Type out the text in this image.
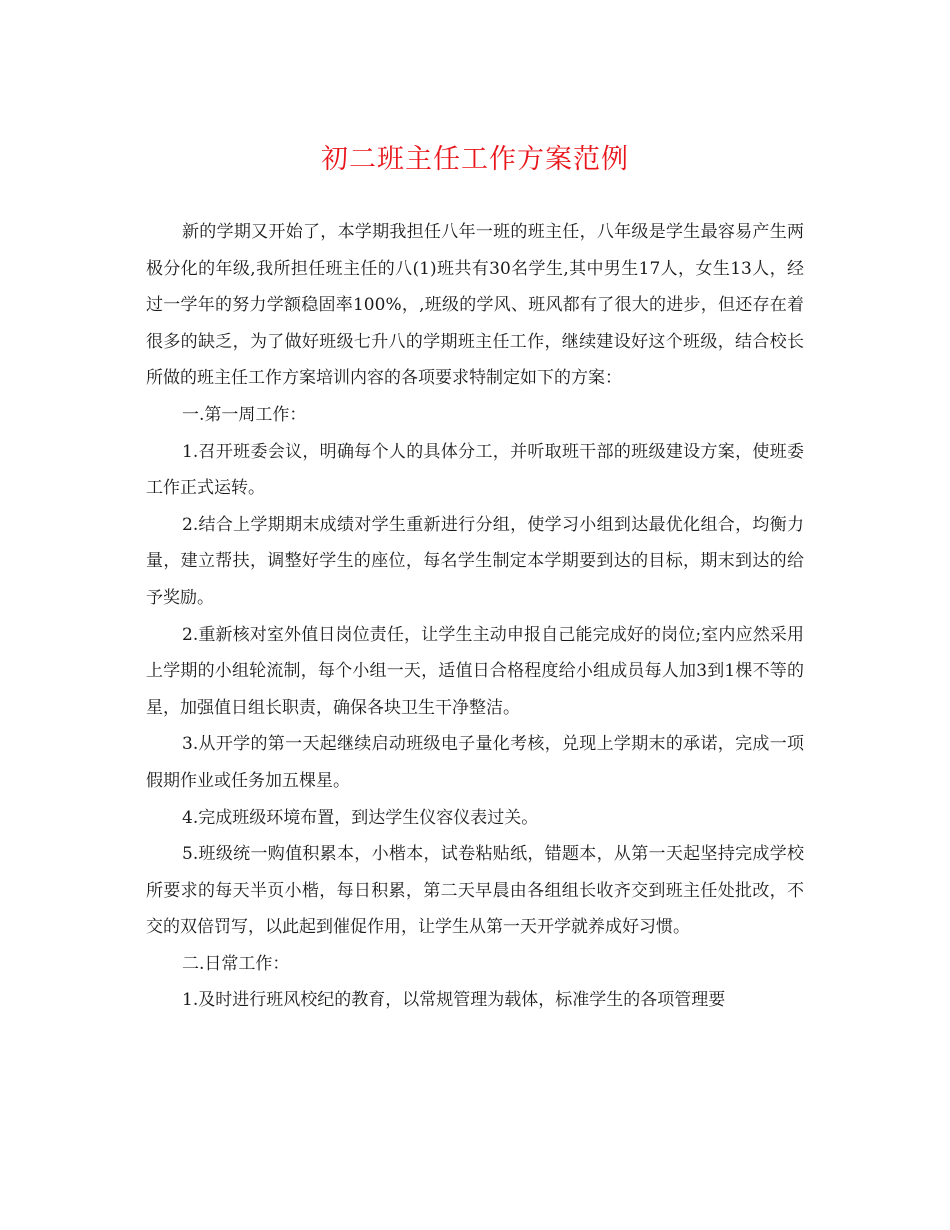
初二班主任工作方案范例

新的学期又开始了，本学期我担任八年一班的班主任，八年级是学生最容易产生两极分化的年级,我所担任班主任的八(1)班共有30名学生,其中男生17人，女生13人，经过一学年的努力学额稳固率100%，,班级的学风、班风都有了很大的进步，但还存在着很多的缺乏，为了做好班级七升八的学期班主任工作，继续建设好这个班级，结合校长所做的班主任工作方案培训内容的各项要求特制定如下的方案：

一.第一周工作：

1.召开班委会议，明确每个人的具体分工，并听取班干部的班级建设方案，使班委工作正式运转。

2.结合上学期期末成绩对学生重新进行分组，使学习小组到达最优化组合，均衡力量，建立帮扶，调整好学生的座位，每名学生制定本学期要到达的目标，期末到达的给予奖励。

2.重新核对室外值日岗位责任，让学生主动申报自己能完成好的岗位;室内应然采用上学期的小组轮流制，每个小组一天，适值日合格程度给小组成员每人加3到1棵不等的星，加强值日组长职责，确保各块卫生干净整洁。

3.从开学的第一天起继续启动班级电子量化考核，兑现上学期末的承诺，完成一项假期作业或任务加五棵星。

4.完成班级环境布置，到达学生仪容仪表过关。

5.班级统一购值积累本，小楷本，试卷粘贴纸，错题本，从第一天起坚持完成学校所要求的每天半页小楷，每日积累，第二天早晨由各组组长收齐交到班主任处批改，不交的双倍罚写，以此起到催促作用，让学生从第一天开学就养成好习惯。

二.日常工作：

1.及时进行班风校纪的教育，以常规管理为载体，标准学生的各项管理要
